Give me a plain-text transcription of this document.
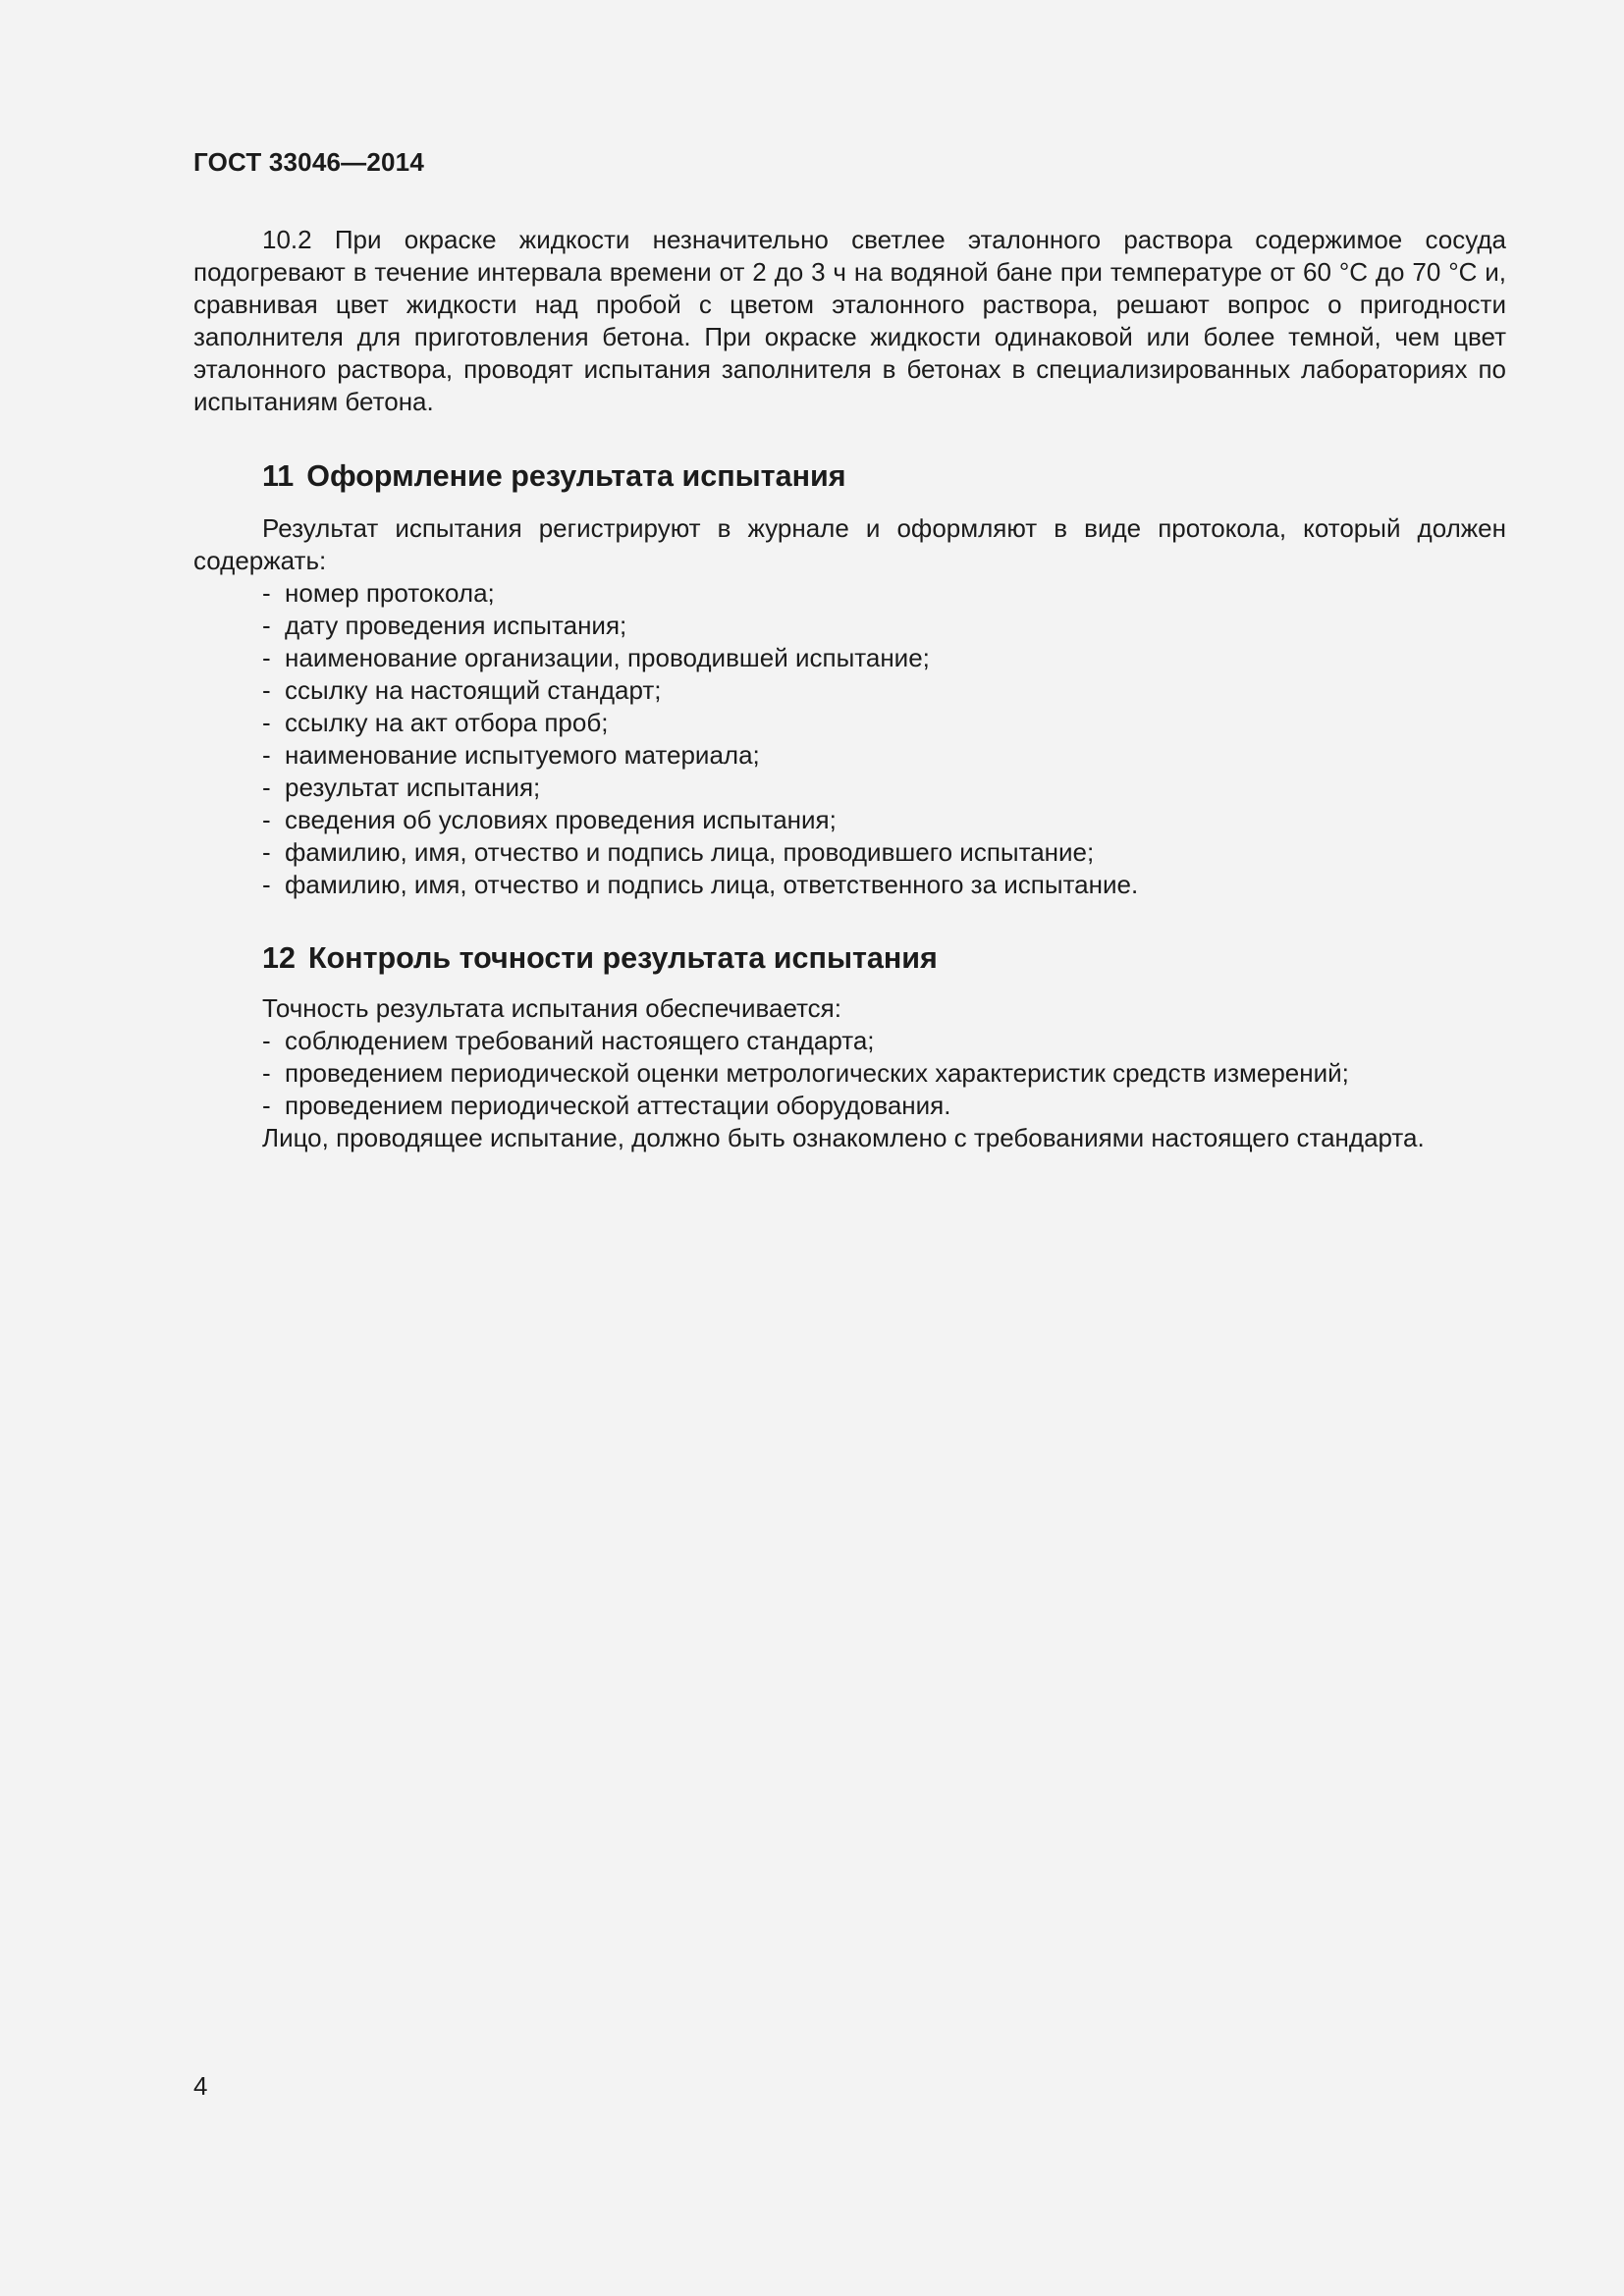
ГОСТ 33046—2014

10.2 При окраске жидкости незначительно светлее эталонного раствора содержимое сосуда подогревают в течение интервала времени от 2 до 3 ч на водяной бане при температуре от 60 °С до 70 °С и, сравнивая цвет жидкости над пробой с цветом эталонного раствора, решают вопрос о пригодности заполнителя для приготовления бетона. При окраске жидкости одинаковой или более темной, чем цвет эталонного раствора, проводят испытания заполнителя в бетонах в специализированных лабораториях по испытаниям бетона.

11 Оформление результата испытания

Результат испытания регистрируют в журнале и оформляют в виде протокола, который должен содержать:

- номер протокола;
- дату проведения испытания;
- наименование организации, проводившей испытание;
- ссылку на настоящий стандарт;
- ссылку на акт отбора проб;
- наименование испытуемого материала;
- результат испытания;
- сведения об условиях проведения испытания;
- фамилию, имя, отчество и подпись лица, проводившего испытание;
- фамилию, имя, отчество и подпись лица, ответственного за испытание.
12 Контроль точности результата испытания

Точность результата испытания обеспечивается:

- соблюдением требований настоящего стандарта;
- проведением периодической оценки метрологических характеристик средств измерений;
- проведением периодической аттестации оборудования.

Лицо, проводящее испытание, должно быть ознакомлено с требованиями настоящего стандарта.

4
